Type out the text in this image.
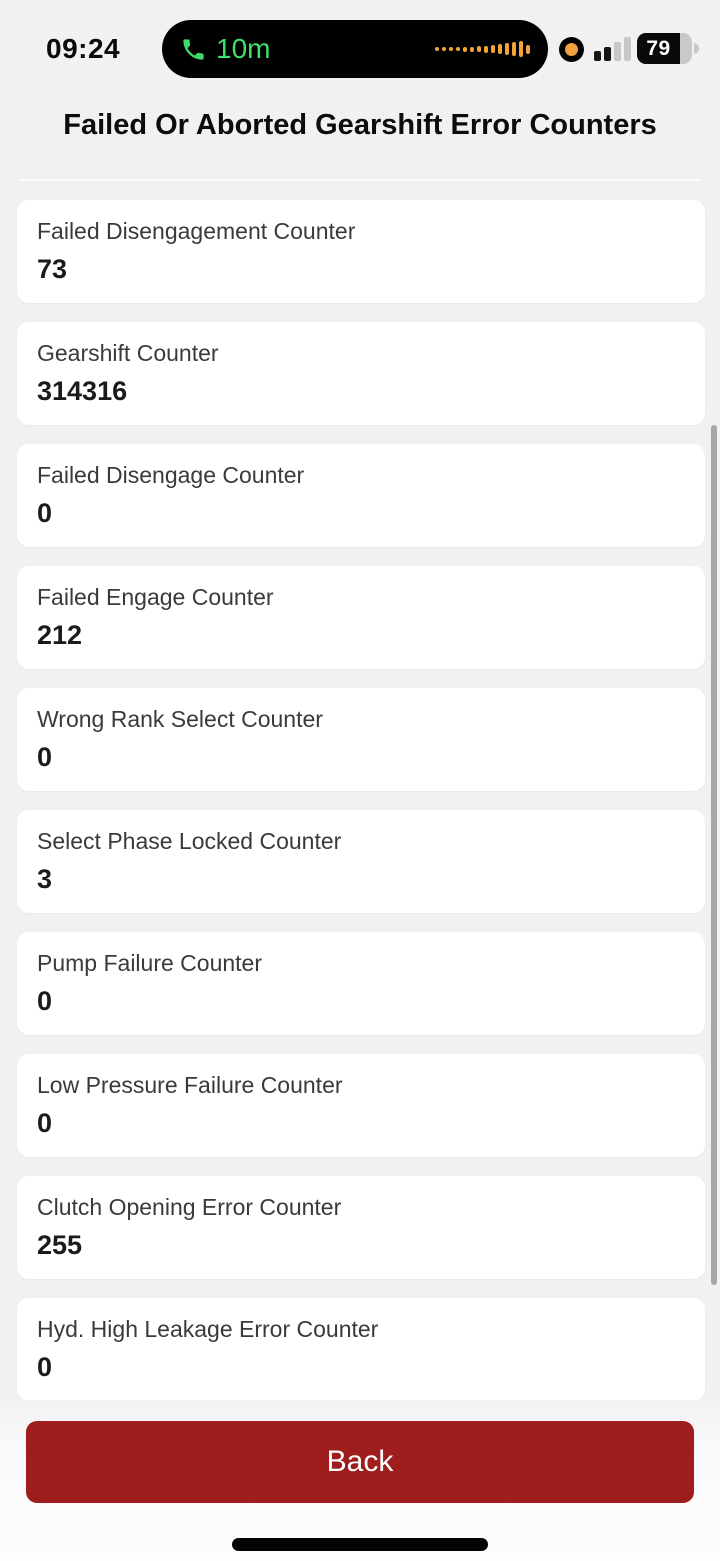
09:24	10m	79
Failed Or Aborted Gearshift Error Counters
Failed Disengagement Counter
73
Gearshift Counter
314316
Failed Disengage Counter
0
Failed Engage Counter
212
Wrong Rank Select Counter
0
Select Phase Locked Counter
3
Pump Failure Counter
0
Low Pressure Failure Counter
0
Clutch Opening Error Counter
255
Hyd. High Leakage Error Counter
0
Back
